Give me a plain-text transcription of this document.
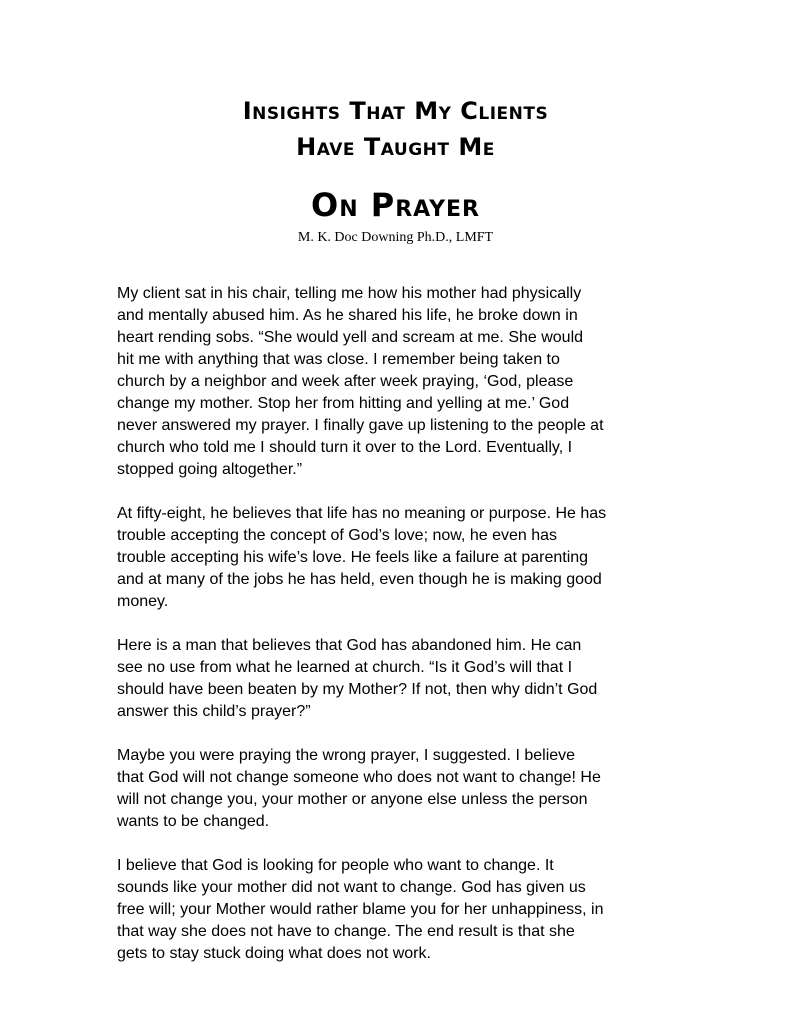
Insights That My Clients
Have Taught Me
On Prayer
M. K. Doc Downing Ph.D., LMFT

My client sat in his chair, telling me how his mother had physically
and mentally abused him. As he shared his life, he broke down in
heart rending sobs. “She would yell and scream at me. She would
hit me with anything that was close. I remember being taken to
church by a neighbor and week after week praying, ‘God, please
change my mother. Stop her from hitting and yelling at me.’ God
never answered my prayer. I finally gave up listening to the people at
church who told me I should turn it over to the Lord. Eventually, I
stopped going altogether.”

At fifty-eight, he believes that life has no meaning or purpose. He has
trouble accepting the concept of God’s love; now, he even has
trouble accepting his wife’s love. He feels like a failure at parenting
and at many of the jobs he has held, even though he is making good
money.

Here is a man that believes that God has abandoned him. He can
see no use from what he learned at church. “Is it God’s will that I
should have been beaten by my Mother? If not, then why didn’t God
answer this child’s prayer?”

Maybe you were praying the wrong prayer, I suggested. I believe
that God will not change someone who does not want to change! He
will not change you, your mother or anyone else unless the person
wants to be changed.

I believe that God is looking for people who want to change. It
sounds like your mother did not want to change. God has given us
free will; your Mother would rather blame you for her unhappiness, in
that way she does not have to change. The end result is that she
gets to stay stuck doing what does not work.
